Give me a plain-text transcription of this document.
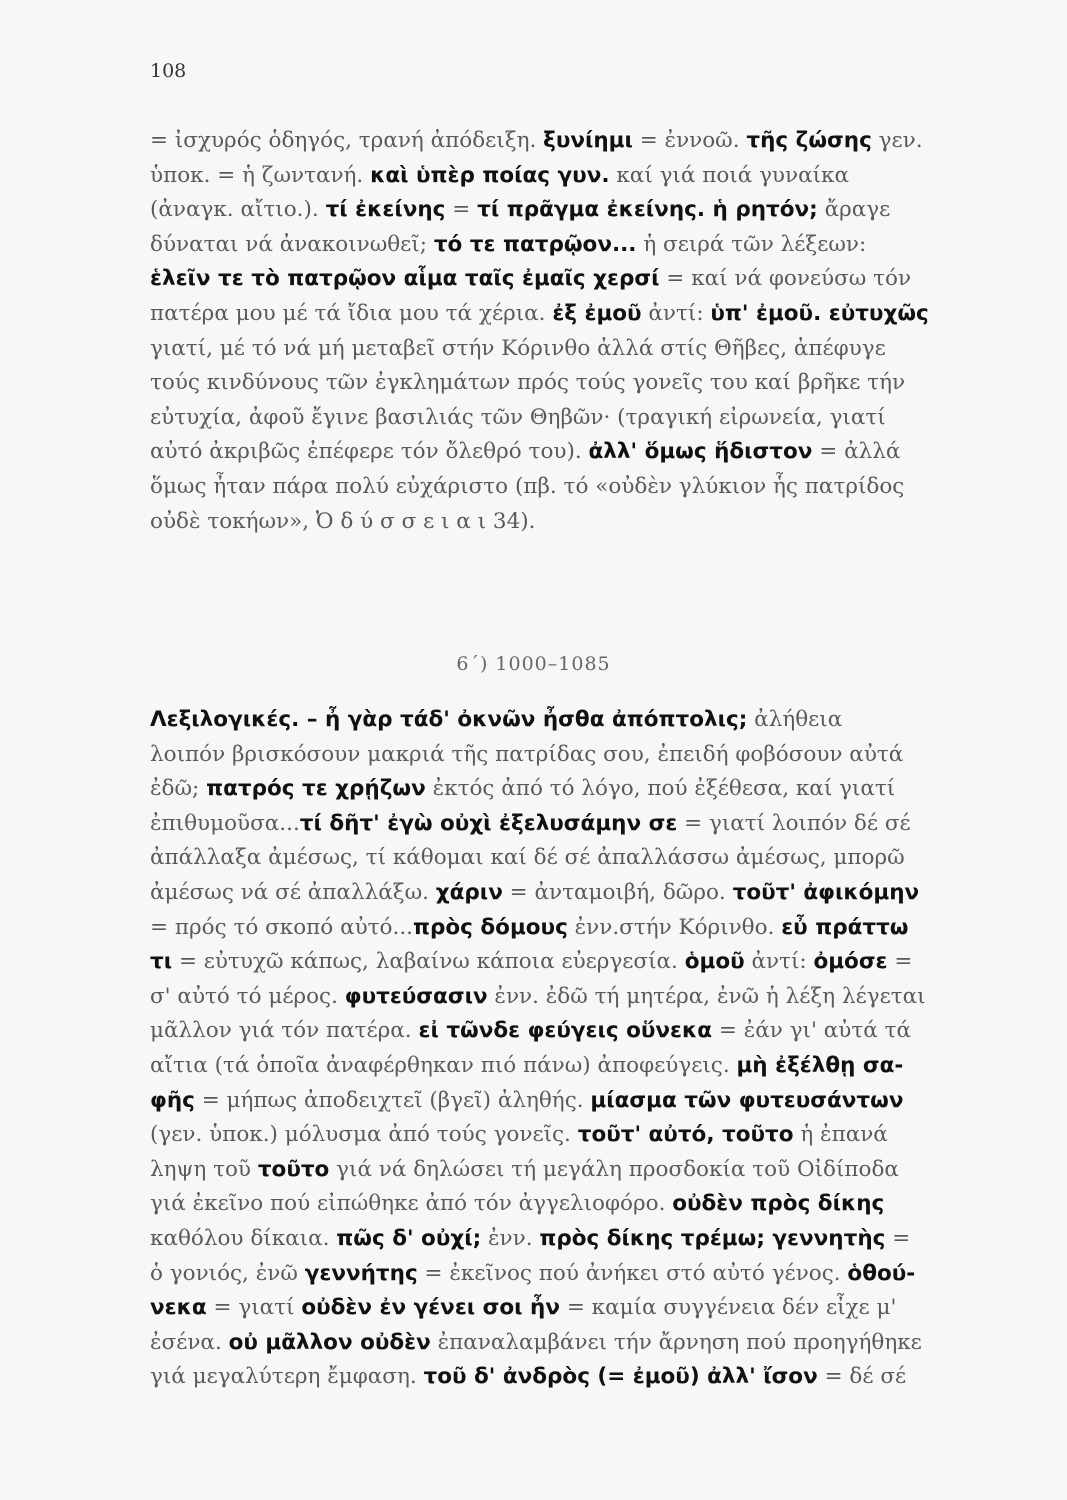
108
= ἰσχυρός ὁδηγός, τρανή ἀπόδειξη. ξυνίημι = ἐννοῶ. τῆς ζώσης γεν.
ὑποκ. = ἡ ζωντανή. καὶ ὑπὲρ ποίας γυν. καί γιά ποιά γυναίκα
(ἀναγκ. αἴτιο.). τί ἐκείνης = τί πρᾶγμα ἐκείνης. ἡ ρητόν; ἄραγε
δύναται νά ἀνακοινωθεῖ; τό τε πατρῷον... ἡ σειρά τῶν λέξεων:
ἑλεῖν τε τὸ πατρῷον αἷμα ταῖς ἐμαῖς χερσί = καί νά φονεύσω τόν
πατέρα μου μέ τά ἴδια μου τά χέρια. ἐξ ἐμοῦ ἀντί: ὑπ' ἐμοῦ. εὐτυχῶς
γιατί, μέ τό νά μή μεταβεῖ στήν Κόρινθο ἀλλά στίς Θῆβες, ἀπέφυγε
τούς κινδύνους τῶν ἐγκλημάτων πρός τούς γονεῖς του καί βρῆκε τήν
εὐτυχία, ἀφοῦ ἔγινε βασιλιάς τῶν Θηβῶν· (τραγική εἰρωνεία, γιατί
αὐτό ἀκριβῶς ἐπέφερε τόν ὄλεθρό του). ἀλλ' ὅμως ἥδιστον = ἀλλά
ὅμως ἦταν πάρα πολύ εὐχάριστο (πβ. τό «οὐδὲν γλύκιον ἧς πατρίδος
οὐδὲ τοκήων», Ὀ δ ύ σ σ ε ι α ι 34).
6΄) 1000–1085
Λεξιλογικές. – ἦ γὰρ τάδ' ὀκνῶν ἦσθα ἀπόπτολις; ἀλήθεια
λοιπόν βρισκόσουν μακριά τῆς πατρίδας σου, ἐπειδή φοβόσουν αὐτά
ἐδῶ; πατρός τε χρῄζων ἐκτός ἀπό τό λόγο, πού ἐξέθεσα, καί γιατί
ἐπιθυμοῦσα...τί δῆτ' ἐγὼ οὐχὶ ἐξελυσάμην σε = γιατί λοιπόν δέ σέ
ἀπάλλαξα ἀμέσως, τί κάθομαι καί δέ σέ ἀπαλλάσσω ἀμέσως, μπορῶ
ἀμέσως νά σέ ἀπαλλάξω. χάριν = ἀνταμοιβή, δῶρο. τοῦτ' ἀφικόμην
= πρός τό σκοπό αὐτό...πρὸς δόμους ἐνν.στήν Κόρινθο. εὖ πράττω
τι = εὐτυχῶ κάπως, λαβαίνω κάποια εὐεργεσία. ὁμοῦ ἀντί: ὀμόσε =
σ' αὐτό τό μέρος. φυτεύσασιν ἐνν. ἐδῶ τή μητέρα, ἐνῶ ἡ λέξη λέγεται
μᾶλλον γιά τόν πατέρα. εἰ τῶνδε φεύγεις οὕνεκα = ἐάν γι' αὐτά τά
αἴτια (τά ὁποῖα ἀναφέρθηκαν πιό πάνω) ἀποφεύγεις. μὴ ἐξέλθῃ σα-
φῆς = μήπως ἀποδειχτεῖ (βγεῖ) ἀληθής. μίασμα τῶν φυτευσάντων
(γεν. ὑποκ.) μόλυσμα ἀπό τούς γονεῖς. τοῦτ' αὐτό, τοῦτο ἡ ἐπανά
ληψη τοῦ τοῦτο γιά νά δηλώσει τή μεγάλη προσδοκία τοῦ Οἰδίποδα
γιά ἐκεῖνο πού εἰπώθηκε ἀπό τόν ἀγγελιοφόρο. οὐδὲν πρὸς δίκης
καθόλου δίκαια. πῶς δ' οὐχί; ἐνν. πρὸς δίκης τρέμω; γεννητὴς =
ὁ γονιός, ἐνῶ γεννήτης = ἐκεῖνος πού ἀνήκει στό αὐτό γένος. ὁθού-
νεκα = γιατί οὐδὲν ἐν γένει σοι ἦν = καμία συγγένεια δέν εἶχε μ'
ἐσένα. οὐ μᾶλλον οὐδὲν ἐπαναλαμβάνει τήν ἄρνηση πού προηγήθηκε
γιά μεγαλύτερη ἔμφαση. τοῦ δ' ἀνδρὸς (= ἐμοῦ) ἀλλ' ἴσον = δέ σέ
